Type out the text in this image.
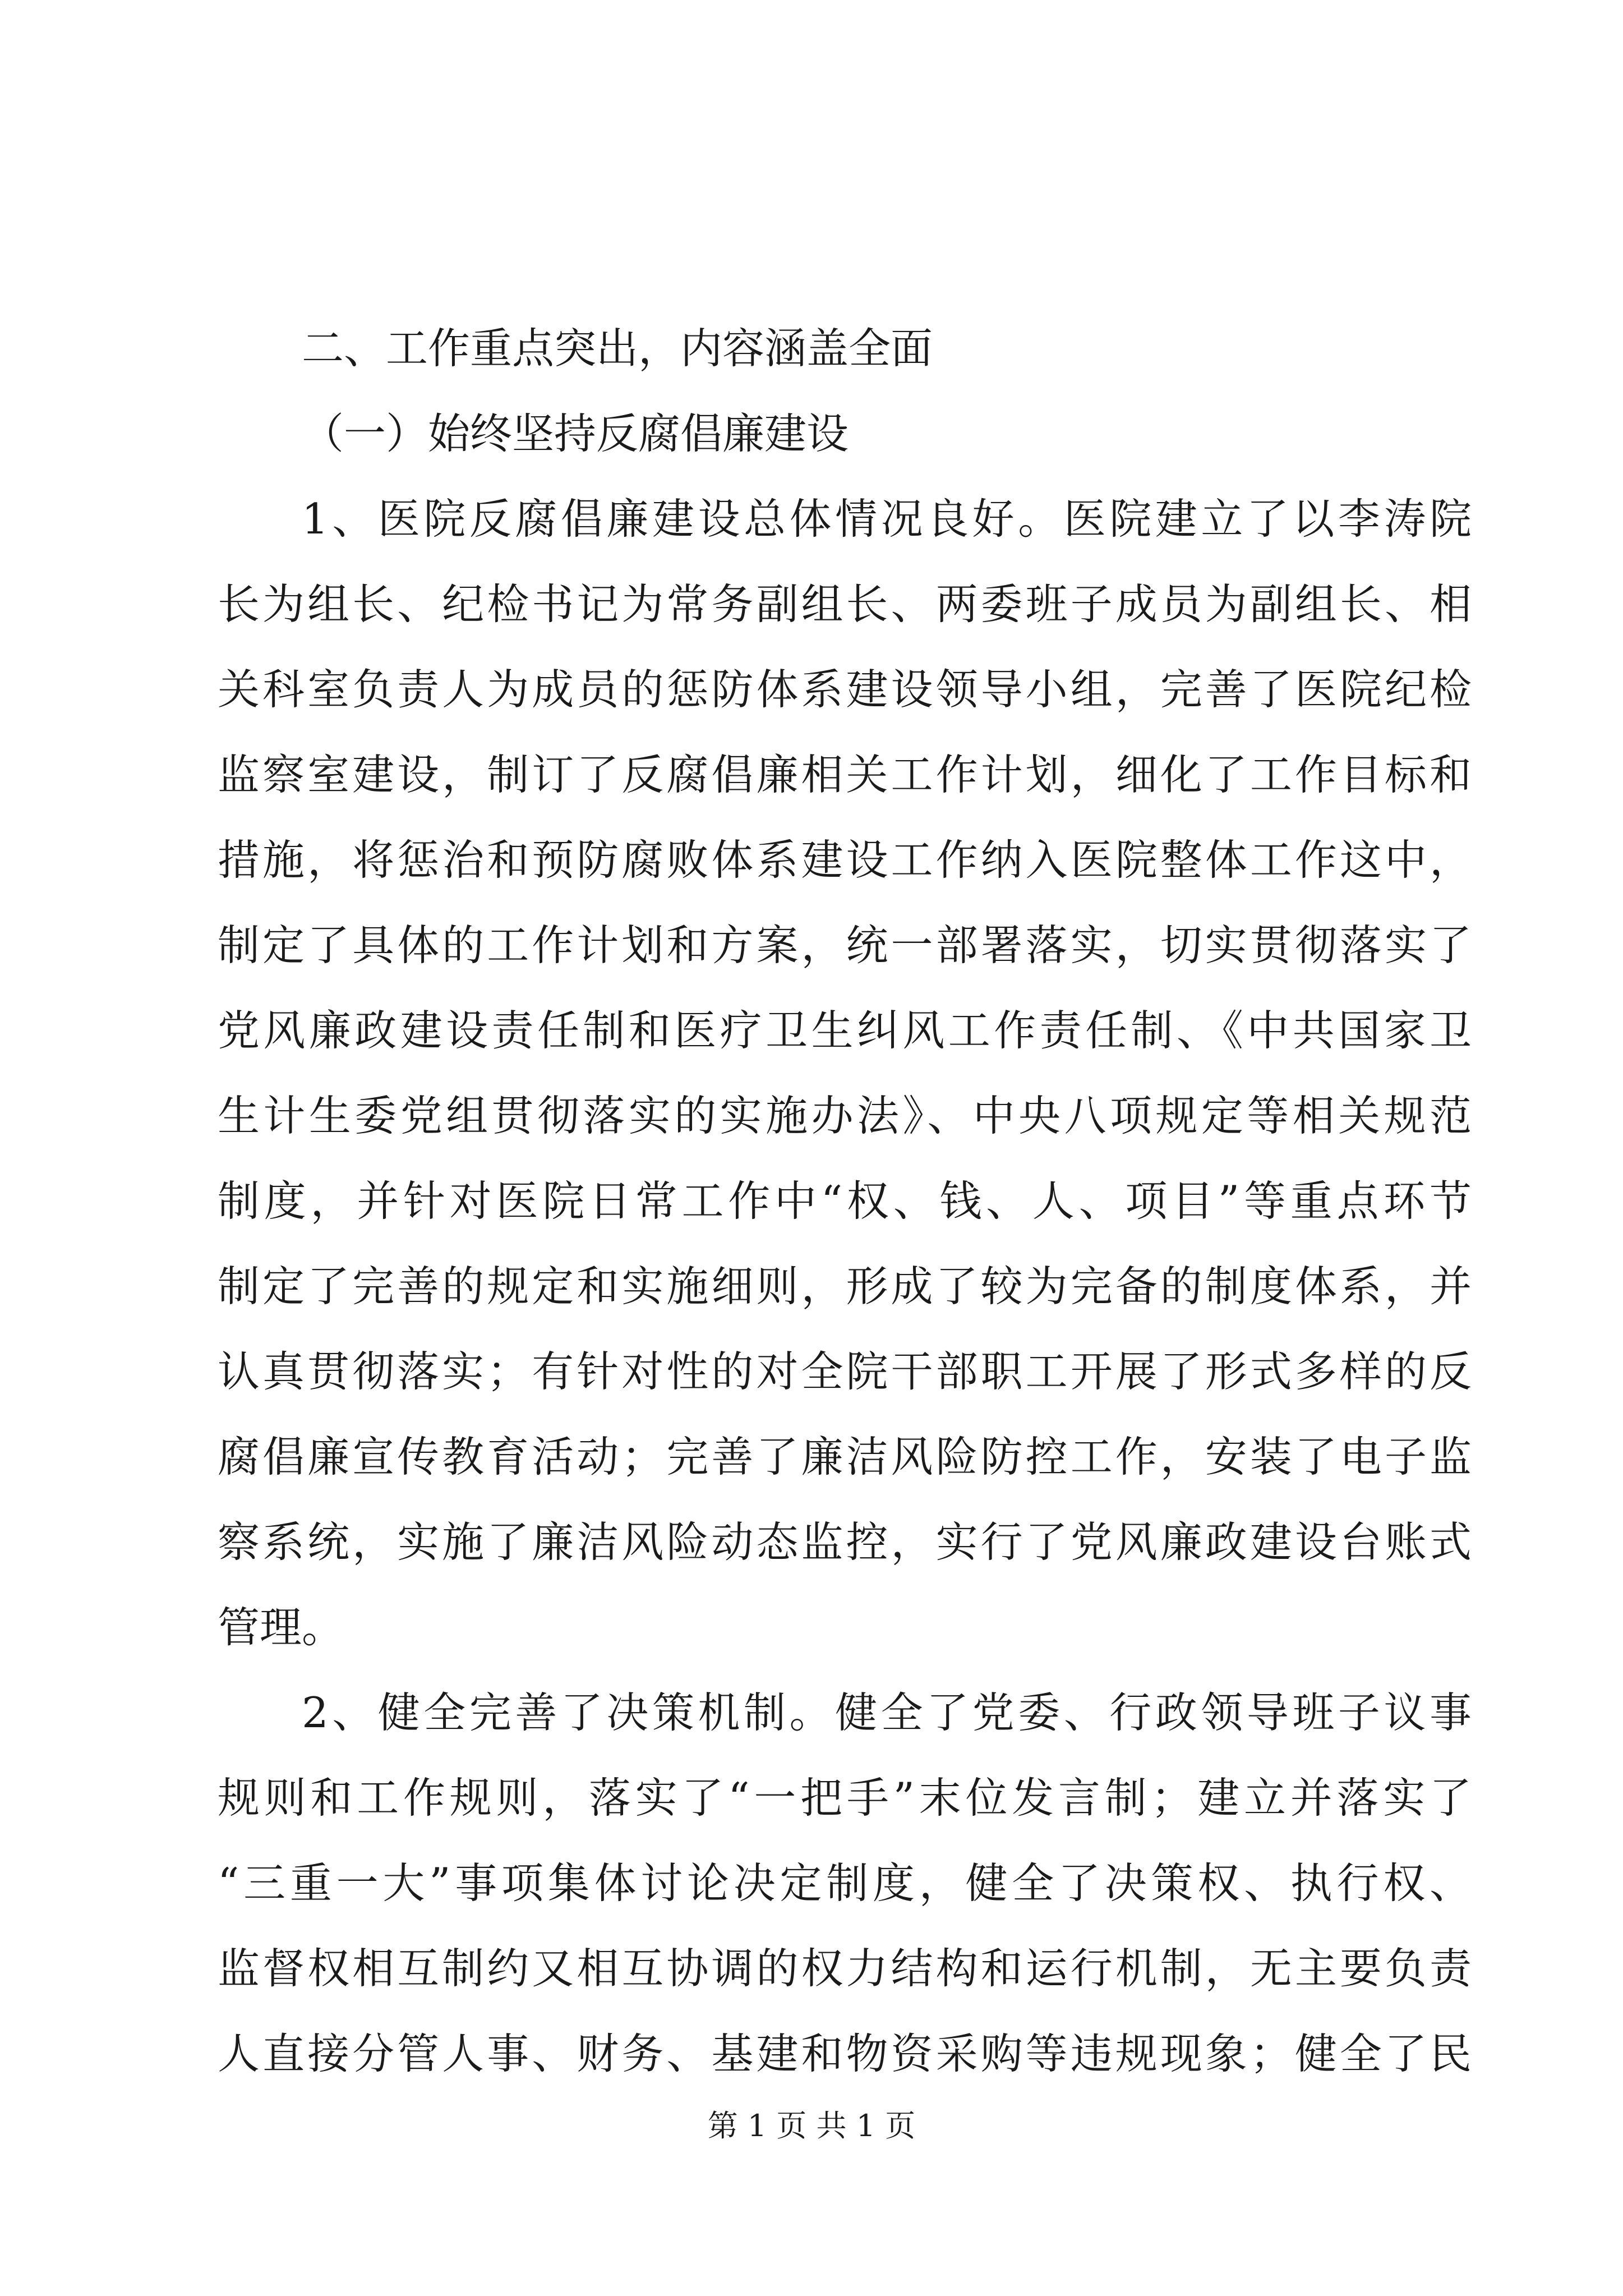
二、工作重点突出，内容涵盖全面
（一）始终坚持反腐倡廉建设
1、医院反腐倡廉建设总体情况良好。医院建立了以李涛院
长为组长、纪检书记为常务副组长、两委班子成员为副组长、相
关科室负责人为成员的惩防体系建设领导小组，完善了医院纪检
监察室建设，制订了反腐倡廉相关工作计划，细化了工作目标和
措施，将惩治和预防腐败体系建设工作纳入医院整体工作这中，
制定了具体的工作计划和方案，统一部署落实，切实贯彻落实了
党风廉政建设责任制和医疗卫生纠风工作责任制、《中共国家卫
生计生委党组贯彻落实的实施办法》、中央八项规定等相关规范
制度，并针对医院日常工作中“权、钱、人、项目”等重点环节
制定了完善的规定和实施细则，形成了较为完备的制度体系，并
认真贯彻落实；有针对性的对全院干部职工开展了形式多样的反
腐倡廉宣传教育活动；完善了廉洁风险防控工作，安装了电子监
察系统，实施了廉洁风险动态监控，实行了党风廉政建设台账式
管理。
2、健全完善了决策机制。健全了党委、行政领导班子议事
规则和工作规则，落实了“一把手”末位发言制；建立并落实了
“三重一大”事项集体讨论决定制度，健全了决策权、执行权、
监督权相互制约又相互协调的权力结构和运行机制，无主要负责
人直接分管人事、财务、基建和物资采购等违规现象；健全了民
第 1 页 共 1 页
